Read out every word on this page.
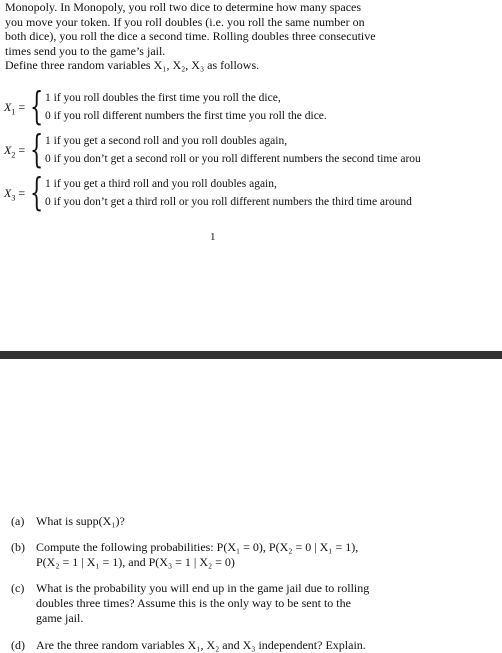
Monopoly. In Monopoly, you roll two dice to determine how many spaces
you move your token. If you roll doubles (i.e. you roll the same number on
both dice), you roll the dice a second time. Rolling doubles three consecutive
times send you to the game’s jail.
Define three random variables X₁, X₂, X₃ as follows.
$X_1$ = { 1 if you roll doubles the first time you roll the dice,
0 if you roll different numbers the first time you roll the dice.
$X_2$ = { 1 if you get a second roll and you roll doubles again,
0 if you don’t get a second roll or you roll different numbers the second time arou
$X_3$ = { 1 if you get a third roll and you roll doubles again,
0 if you don’t get a third roll or you roll different numbers the third time around
1
(a) What is supp(X₁)?
(b) Compute the following probabilities: P(X₁ = 0), P(X₂ = 0 | X₁ = 1),
P(X₂ = 1 | X₁ = 1), and P(X₃ = 1 | X₂ = 0)
(c) What is the probability you will end up in the game jail due to rolling
doubles three times? Assume this is the only way to be sent to the
game jail.
(d) Are the three random variables X₁, X₂ and X₃ independent? Explain.
